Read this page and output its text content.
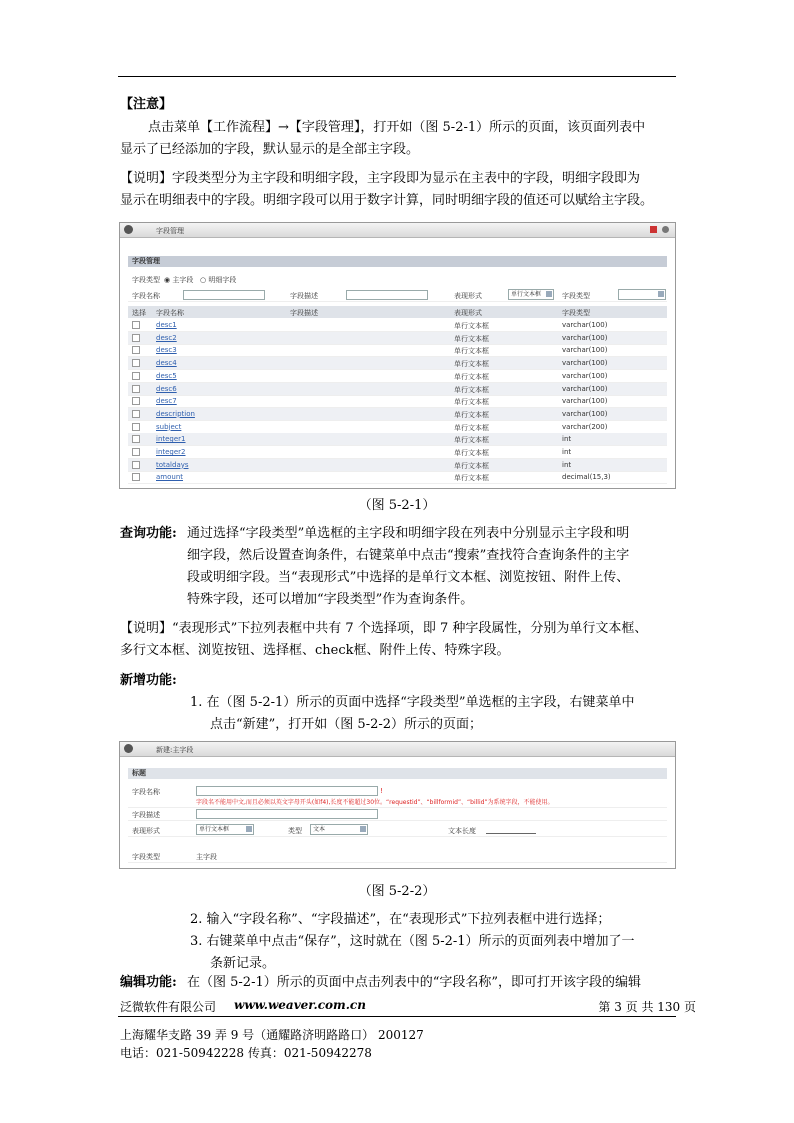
【注意】
点击菜单【工作流程】→【字段管理】，打开如（图 5-2-1）所示的页面，该页面列表中
显示了已经添加的字段，默认显示的是全部主字段。
【说明】字段类型分为主字段和明细字段，主字段即为显示在主表中的字段，明细字段即为
显示在明细表中的字段。明细字段可以用于数字计算，同时明细字段的值还可以赋给主字段。
字段管理
字段管理
字段类型 ◉ 主字段 ○ 明细字段
字段名称	字段描述	表现形式	单行文本框	字段类型
选择 字段名称	字段描述	表现形式	字段类型
desc1	单行文本框	varchar(100)
desc2	单行文本框	varchar(100)
desc3	单行文本框	varchar(100)
desc4	单行文本框	varchar(100)
desc5	单行文本框	varchar(100)
desc6	单行文本框	varchar(100)
desc7	单行文本框	varchar(100)
description	单行文本框	varchar(100)
subject	单行文本框	varchar(200)
integer1	单行文本框	int
integer2	单行文本框	int
totaldays	单行文本框	int
amount	单行文本框	decimal(15,3)
（图 5-2-1）
查询功能: 通过选择“字段类型”单选框的主字段和明细字段在列表中分别显示主字段和明
细字段，然后设置查询条件，右键菜单中点击“搜索”查找符合查询条件的主字
段或明细字段。当“表现形式”中选择的是单行文本框、浏览按钮、附件上传、
特殊字段，还可以增加“字段类型”作为查询条件。
【说明】“表现形式”下拉列表框中共有 7 个选择项，即 7 种字段属性，分别为单行文本框、
多行文本框、浏览按钮、选择框、check框、附件上传、特殊字段。
新增功能:
1. 在（图 5-2-1）所示的页面中选择“字段类型”单选框的主字段，右键菜单中
点击“新建”，打开如（图 5-2-2）所示的页面；
新建:主字段
标题
字段名称	!
字段名不能用中文,而且必须以英文字母开头(如f4),长度不能超过30位。“requestid”、“billformid”、“billid”为系统字段，不能使用。
字段描述
表现形式	单行文本框	类型	文本	文本长度
字段类型	主字段
（图 5-2-2）
2. 输入“字段名称”、“字段描述”，在“表现形式”下拉列表框中进行选择；
3. 右键菜单中点击“保存”，这时就在（图 5-2-1）所示的页面列表中增加了一
条新记录。
编辑功能: 在（图 5-2-1）所示的页面中点击列表中的“字段名称”，即可打开该字段的编辑
泛微软件有限公司 www.weaver.com.cn	第 3 页 共 130 页
上海耀华支路 39 弄 9 号（通耀路济明路路口） 200127
电话：021-50942228 传真：021-50942278
